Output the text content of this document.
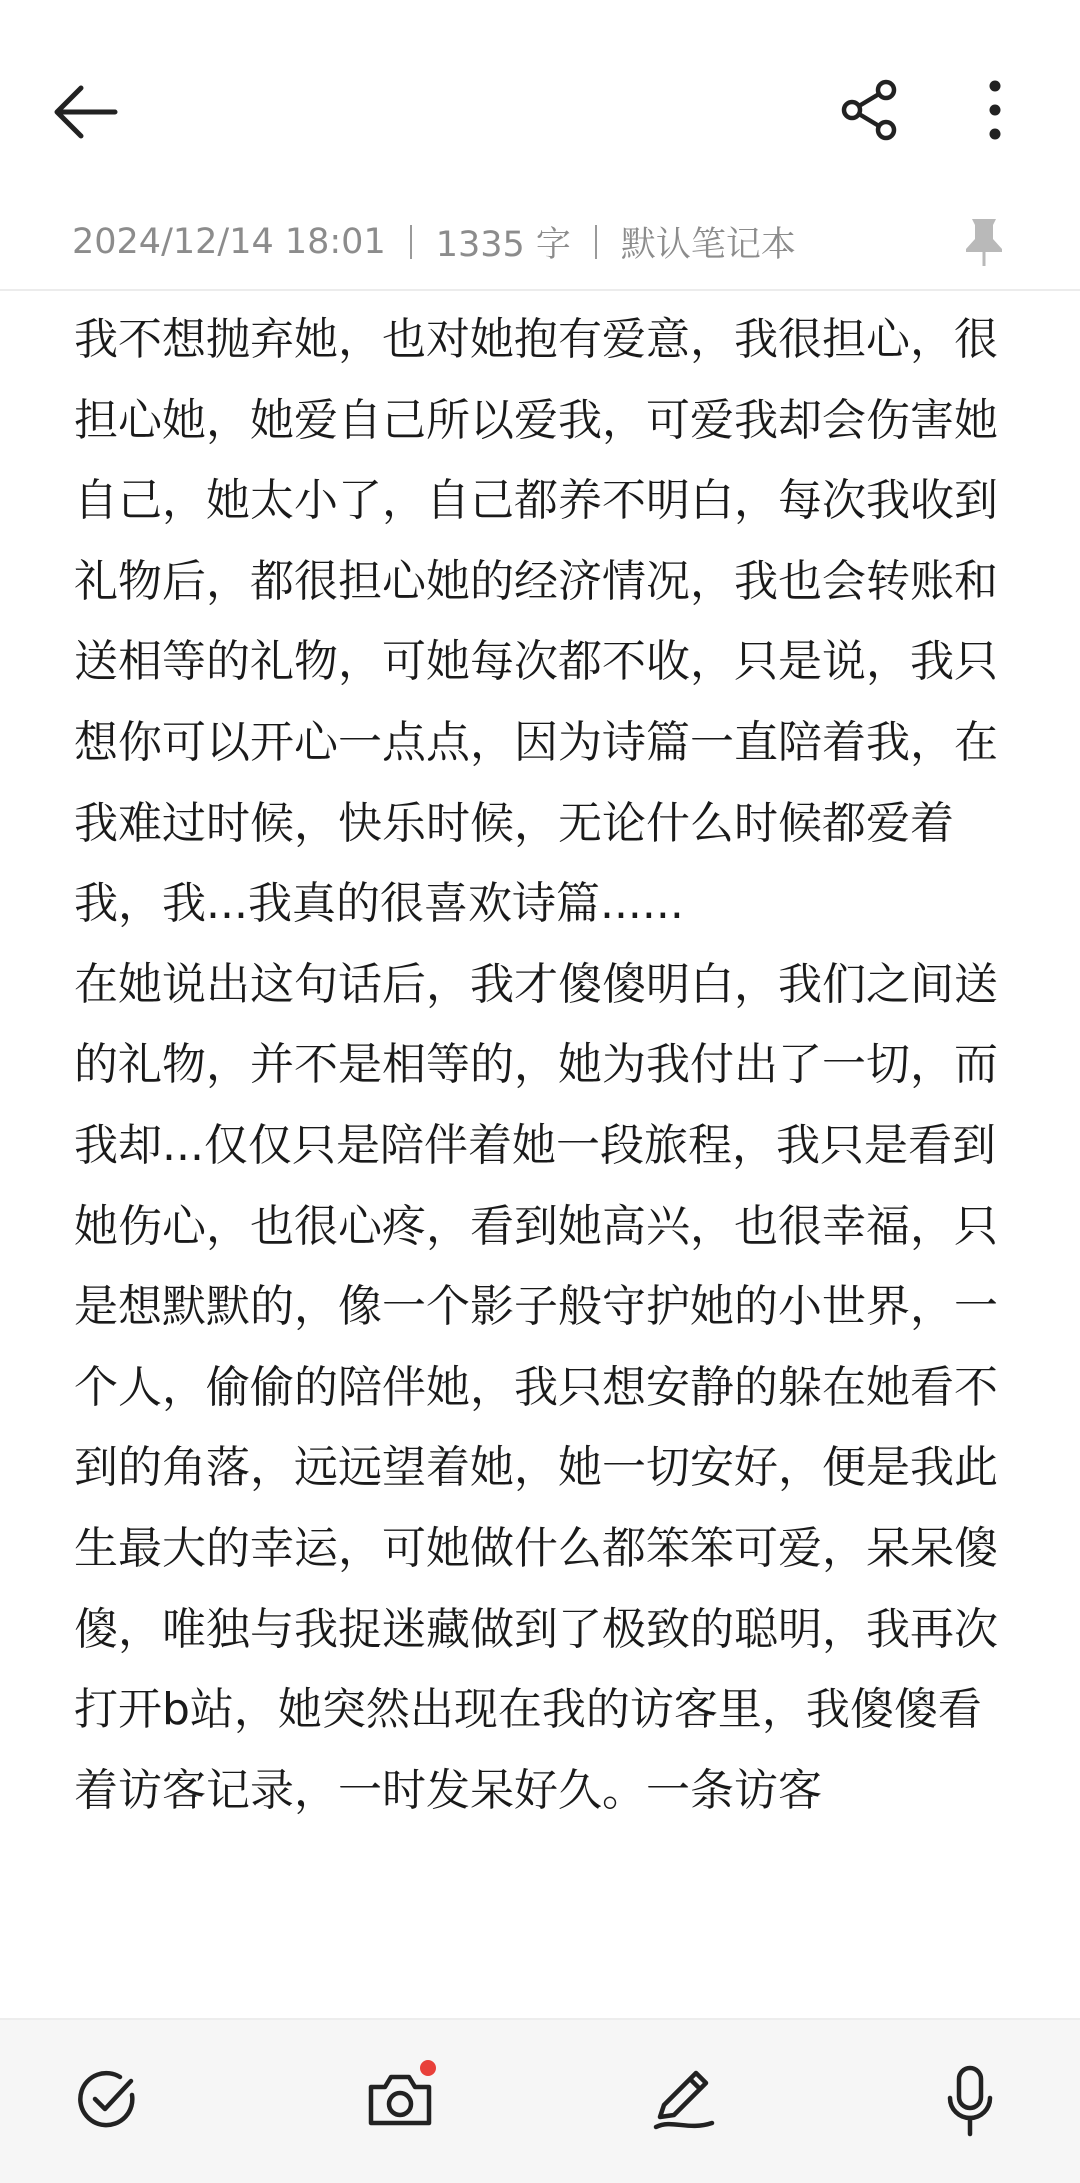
2024/12/14 18:01 1335 字 默认笔记本

我不想抛弃她，也对她抱有爱意，我很担心，很担心她，她爱自己所以爱我，可爱我却会伤害她自己，她太小了，自己都养不明白，每次我收到礼物后，都很担心她的经济情况，我也会转账和送相等的礼物，可她每次都不收，只是说，我只想你可以开心一点点，因为诗篇一直陪着我，在我难过时候，快乐时候，无论什么时候都爱着我，我...我真的很喜欢诗篇......

在她说出这句话后，我才傻傻明白，我们之间送的礼物，并不是相等的，她为我付出了一切，而我却...仅仅只是陪伴着她一段旅程，我只是看到她伤心，也很心疼，看到她高兴，也很幸福，只是想默默的，像一个影子般守护她的小世界，一个人，偷偷的陪伴她，我只想安静的躲在她看不到的角落，远远望着她，她一切安好，便是我此生最大的幸运，可她做什么都笨笨可爱，呆呆傻傻，唯独与我捉迷藏做到了极致的聪明，我再次打开b站，她突然出现在我的访客里，我傻傻看着访客记录，一时发呆好久。一条访客
